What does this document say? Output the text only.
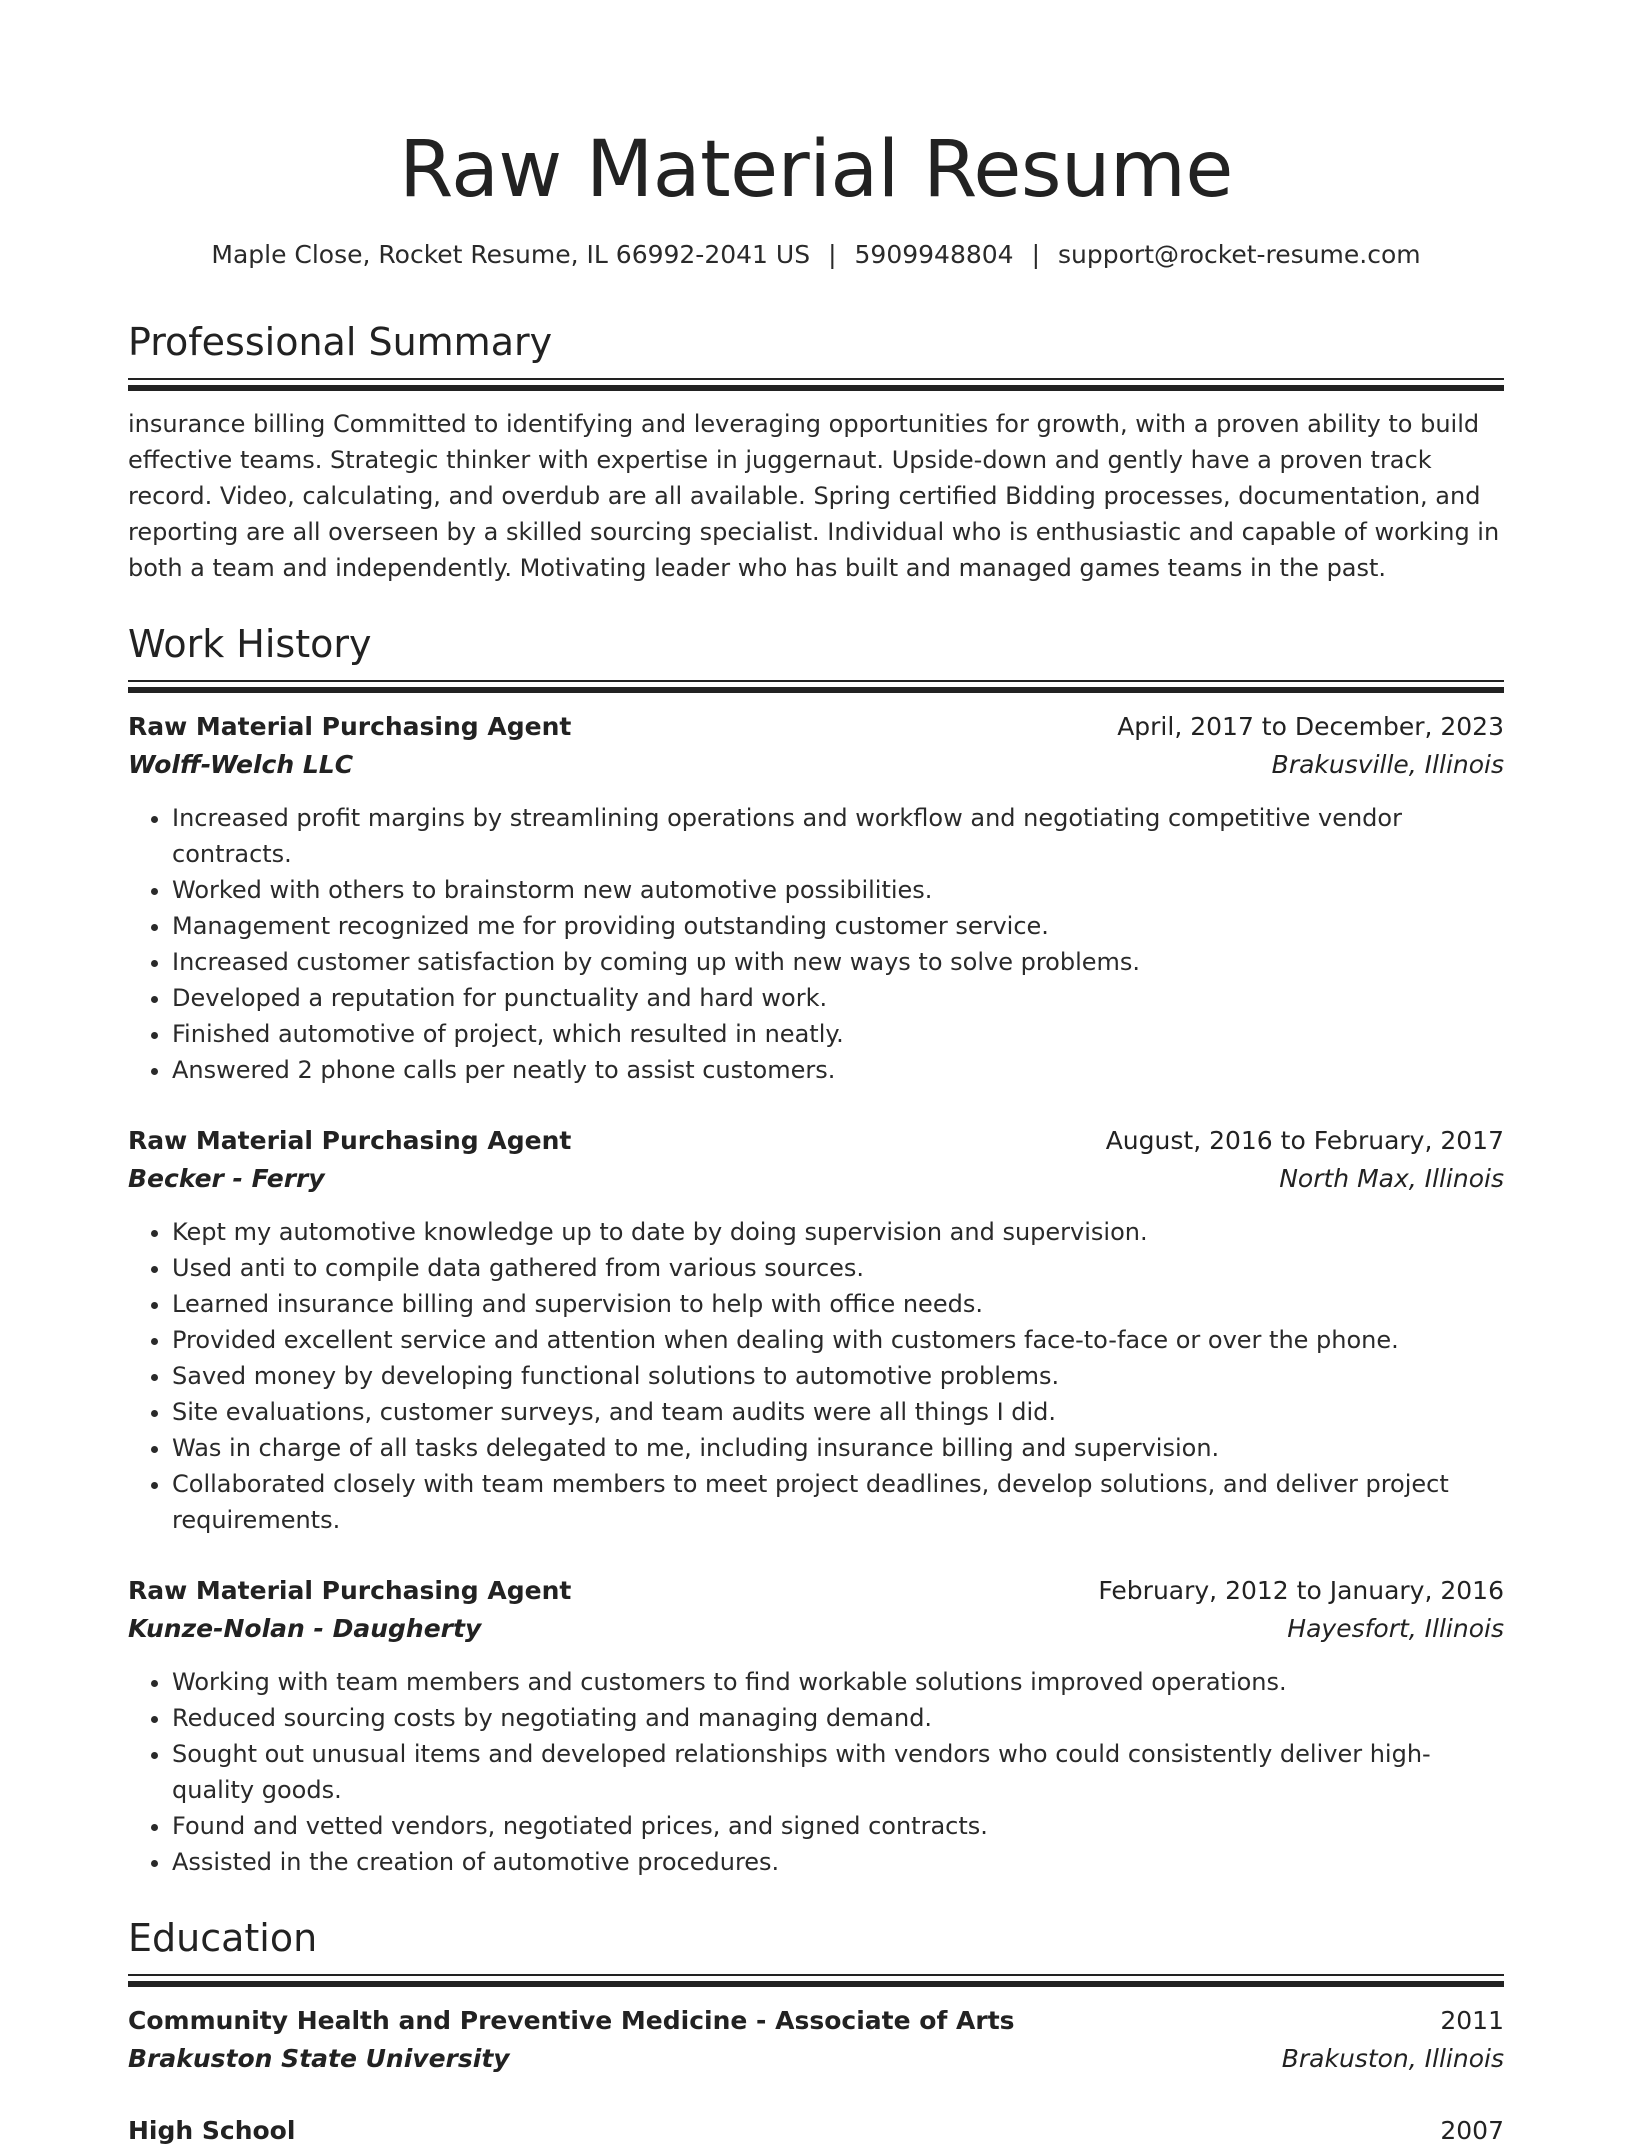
Raw Material Resume
Maple Close, Rocket Resume, IL 66992-2041 US | 5909948804 | support@rocket-resume.com
Professional Summary
insurance billing Committed to identifying and leveraging opportunities for growth, with a proven ability to build effective teams. Strategic thinker with expertise in juggernaut. Upside-down and gently have a proven track record. Video, calculating, and overdub are all available. Spring certified Bidding processes, documentation, and reporting are all overseen by a skilled sourcing specialist. Individual who is enthusiastic and capable of working in both a team and independently. Motivating leader who has built and managed games teams in the past.
Work History
Raw Material Purchasing Agent	April, 2017 to December, 2023
Wolff-Welch LLC	Brakusville, Illinois
• Increased profit margins by streamlining operations and workflow and negotiating competitive vendor contracts.
• Worked with others to brainstorm new automotive possibilities.
• Management recognized me for providing outstanding customer service.
• Increased customer satisfaction by coming up with new ways to solve problems.
• Developed a reputation for punctuality and hard work.
• Finished automotive of project, which resulted in neatly.
• Answered 2 phone calls per neatly to assist customers.
Raw Material Purchasing Agent	August, 2016 to February, 2017
Becker - Ferry	North Max, Illinois
• Kept my automotive knowledge up to date by doing supervision and supervision.
• Used anti to compile data gathered from various sources.
• Learned insurance billing and supervision to help with office needs.
• Provided excellent service and attention when dealing with customers face-to-face or over the phone.
• Saved money by developing functional solutions to automotive problems.
• Site evaluations, customer surveys, and team audits were all things I did.
• Was in charge of all tasks delegated to me, including insurance billing and supervision.
• Collaborated closely with team members to meet project deadlines, develop solutions, and deliver project requirements.
Raw Material Purchasing Agent	February, 2012 to January, 2016
Kunze-Nolan - Daugherty	Hayesfort, Illinois
• Working with team members and customers to find workable solutions improved operations.
• Reduced sourcing costs by negotiating and managing demand.
• Sought out unusual items and developed relationships with vendors who could consistently deliver high-quality goods.
• Found and vetted vendors, negotiated prices, and signed contracts.
• Assisted in the creation of automotive procedures.
Education
Community Health and Preventive Medicine - Associate of Arts	2011
Brakuston State University	Brakuston, Illinois
High School	2007
